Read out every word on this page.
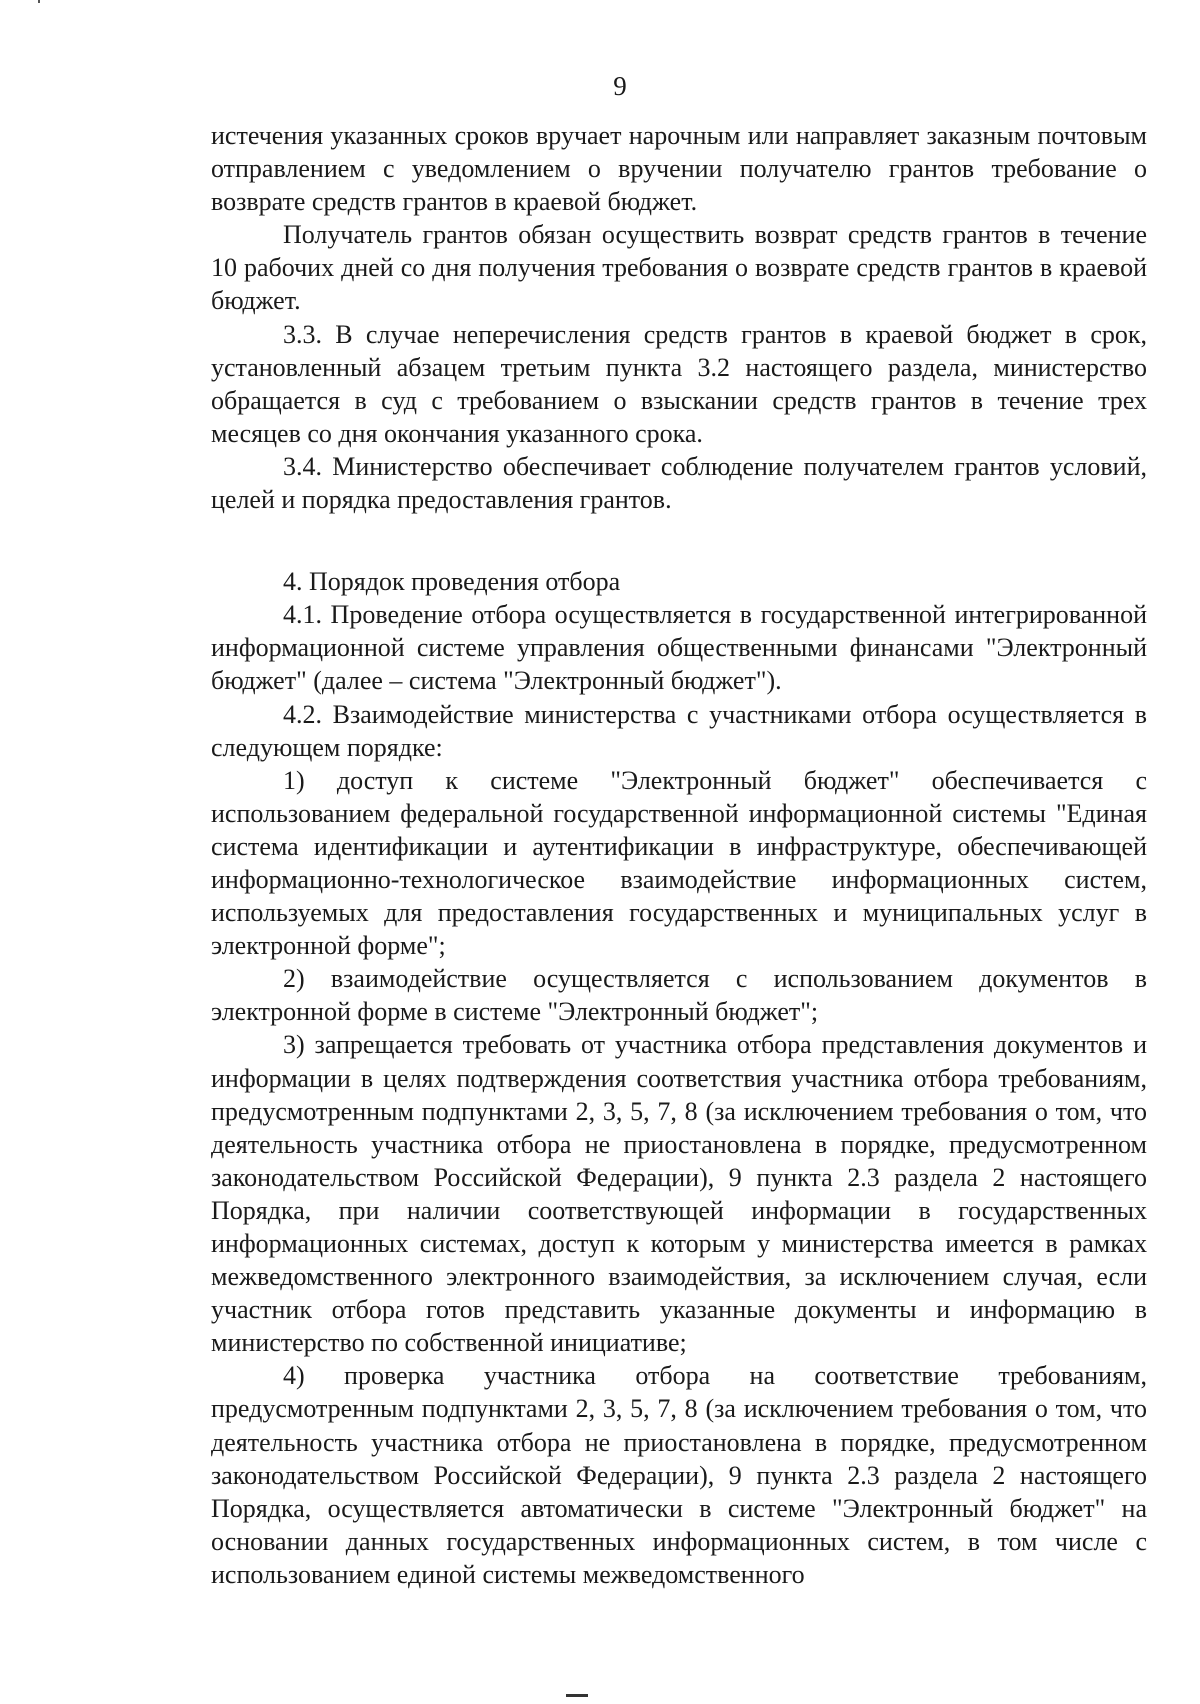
9

истечения указанных сроков вручает нарочным или направляет заказным почтовым отправлением с уведомлением о вручении получателю грантов требование о возврате средств грантов в краевой бюджет.

Получатель грантов обязан осуществить возврат средств грантов в течение 10 рабочих дней со дня получения требования о возврате средств грантов в краевой бюджет.

3.3. В случае неперечисления средств грантов в краевой бюджет в срок, установленный абзацем третьим пункта 3.2 настоящего раздела, министерство обращается в суд с требованием о взыскании средств грантов в течение трех месяцев со дня окончания указанного срока.

3.4. Министерство обеспечивает соблюдение получателем грантов условий, целей и порядка предоставления грантов.

4. Порядок проведения отбора

4.1. Проведение отбора осуществляется в государственной интегрированной информационной системе управления общественными финансами "Электронный бюджет" (далее – система "Электронный бюджет").

4.2. Взаимодействие министерства с участниками отбора осуществляется в следующем порядке:

1) доступ к системе "Электронный бюджет" обеспечивается с использованием федеральной государственной информационной системы "Единая система идентификации и аутентификации в инфраструктуре, обеспечивающей информационно-технологическое взаимодействие информационных систем, используемых для предоставления государственных и муниципальных услуг в электронной форме";

2) взаимодействие осуществляется с использованием документов в электронной форме в системе "Электронный бюджет";

3) запрещается требовать от участника отбора представления документов и информации в целях подтверждения соответствия участника отбора требованиям, предусмотренным подпунктами 2, 3, 5, 7, 8 (за исключением требования о том, что деятельность участника отбора не приостановлена в порядке, предусмотренном законодательством Российской Федерации), 9 пункта 2.3 раздела 2 настоящего Порядка, при наличии соответствующей информации в государственных информационных системах, доступ к которым у министерства имеется в рамках межведомственного электронного взаимодействия, за исключением случая, если участник отбора готов представить указанные документы и информацию в министерство по собственной инициативе;

4) проверка участника отбора на соответствие требованиям, предусмотренным подпунктами 2, 3, 5, 7, 8 (за исключением требования о том, что деятельность участника отбора не приостановлена в порядке, предусмотренном законодательством Российской Федерации), 9 пункта 2.3 раздела 2 настоящего Порядка, осуществляется автоматически в системе "Электронный бюджет" на основании данных государственных информационных систем, в том числе с использованием единой системы межведомственного
